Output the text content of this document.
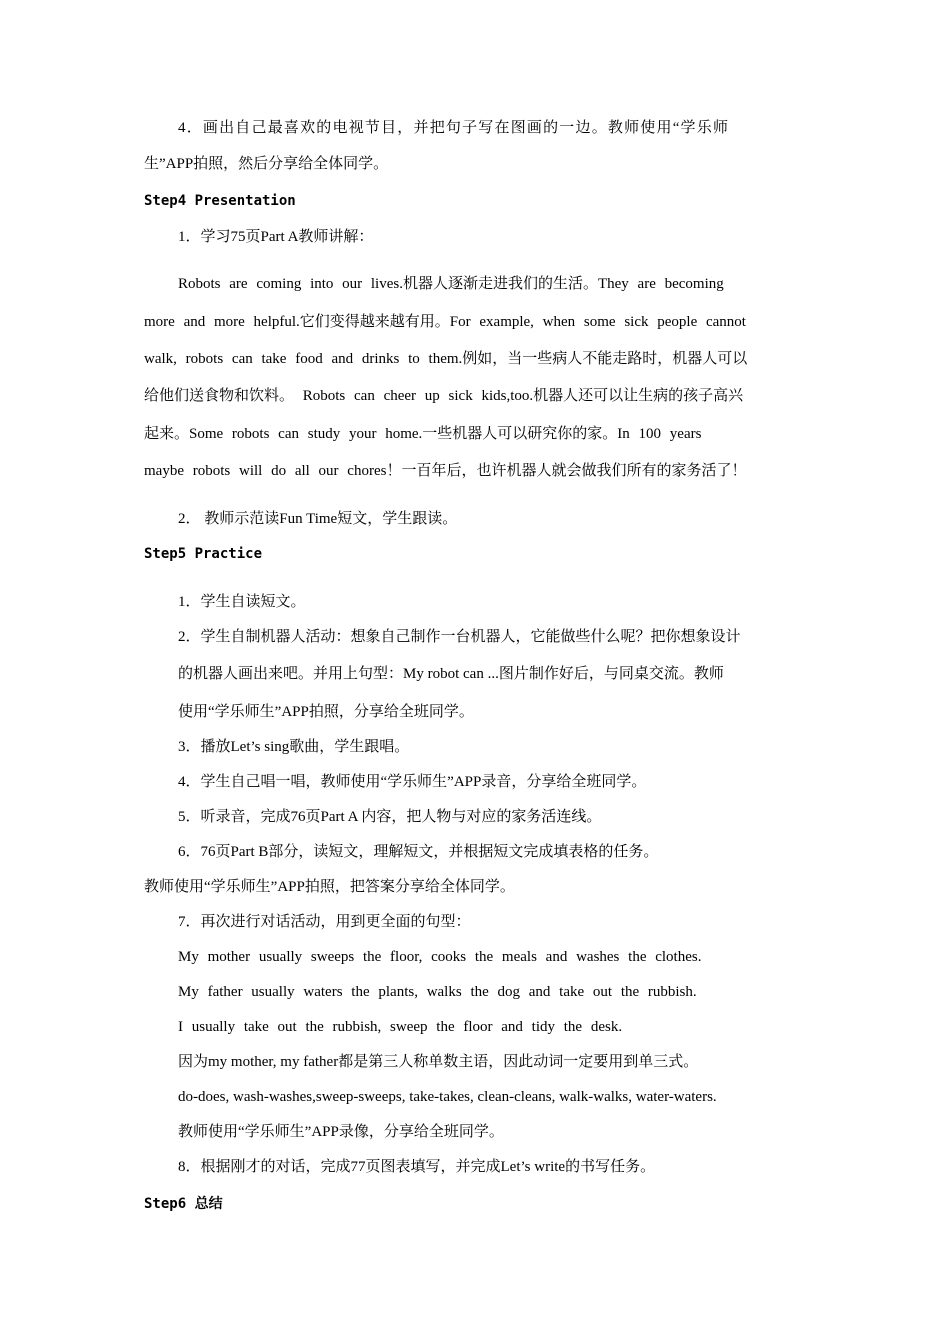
4．画出自己最喜欢的电视节目，并把句子写在图画的一边。教师使用“学乐师
生”APP拍照，然后分享给全体同学。
Step4 Presentation
1．学习75页Part A教师讲解：
Robots are coming into our lives.机器人逐渐走进我们的生活。They are becoming
more and more helpful.它们变得越来越有用。For example, when some sick people cannot
walk, robots can take food and drinks to them.例如，当一些病人不能走路时，机器人可以
给他们送食物和饮料。 Robots can cheer up sick kids,too.机器人还可以让生病的孩子高兴
起来。Some robots can study your home.一些机器人可以研究你的家。In 100 years
maybe robots will do all our chores！一百年后，也许机器人就会做我们所有的家务活了！
2． 教师示范读Fun Time短文，学生跟读。
Step5 Practice
1．学生自读短文。
2．学生自制机器人活动：想象自己制作一台机器人，它能做些什么呢？把你想象设计
的机器人画出来吧。并用上句型：My robot can ...图片制作好后，与同桌交流。教师
使用“学乐师生”APP拍照，分享给全班同学。
3．播放Let’s sing歌曲，学生跟唱。
4．学生自己唱一唱，教师使用“学乐师生”APP录音，分享给全班同学。
5．听录音，完成76页Part A 内容，把人物与对应的家务活连线。
6．76页Part B部分，读短文，理解短文，并根据短文完成填表格的任务。
教师使用“学乐师生”APP拍照，把答案分享给全体同学。
7．再次进行对话活动，用到更全面的句型：
My mother usually sweeps the floor, cooks the meals and washes the clothes.
My father usually waters the plants, walks the dog and take out the rubbish.
I usually take out the rubbish, sweep the floor and tidy the desk.
因为my mother, my father都是第三人称单数主语，因此动词一定要用到单三式。
do-does, wash-washes,sweep-sweeps, take-takes, clean-cleans, walk-walks, water-waters.
教师使用“学乐师生”APP录像，分享给全班同学。
8．根据刚才的对话，完成77页图表填写，并完成Let’s write的书写任务。
Step6 总结
